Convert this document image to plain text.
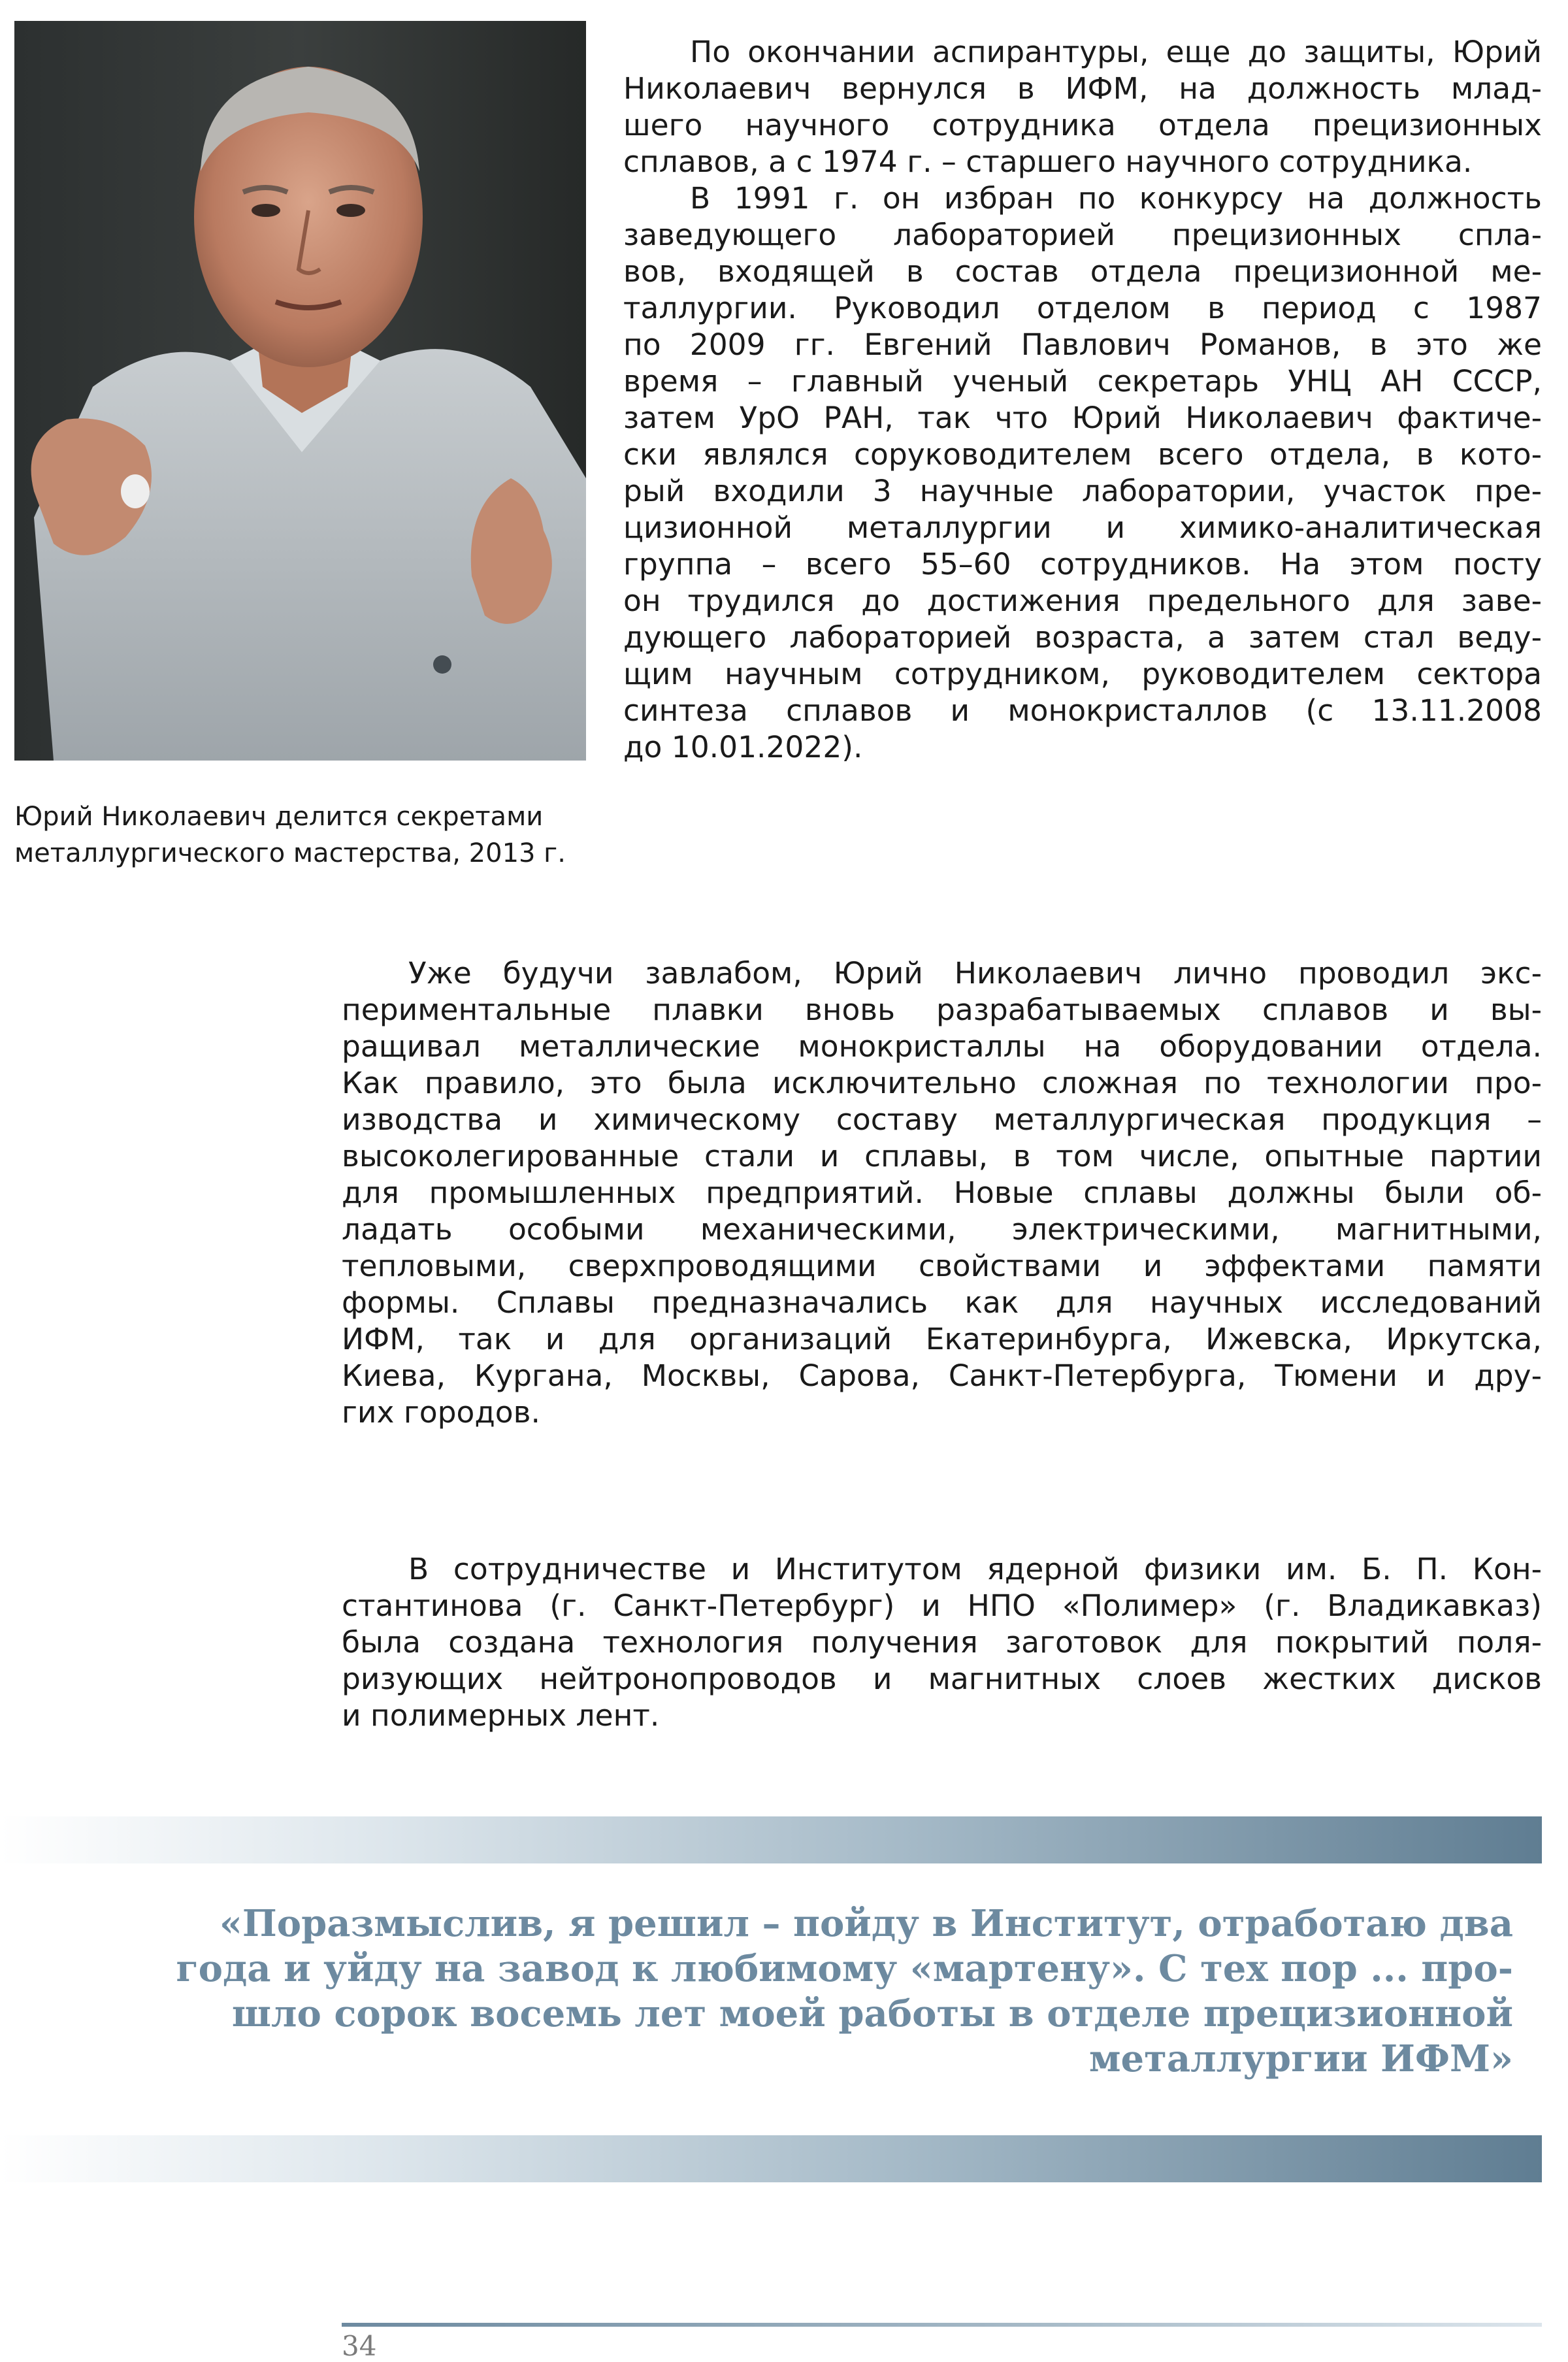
Юрий Николаевич делится секретами
металлургического мастерства, 2013 г.
По окончании аспирантуры, еще до защиты, Юрий
Николаевич вернулся в ИФМ, на должность млад-
шего научного сотрудника отдела прецизионных
сплавов, а с 1974 г. – старшего научного сотрудника.
В 1991 г. он избран по конкурсу на должность
заведующего лабораторией прецизионных спла-
вов, входящей в состав отдела прецизионной ме-
таллургии. Руководил отделом в период с 1987
по 2009 гг. Евгений Павлович Романов, в это же
время – главный ученый секретарь УНЦ АН СССР,
затем УрО РАН, так что Юрий Николаевич фактиче-
ски являлся соруководителем всего отдела, в кото-
рый входили 3 научные лаборатории, участок пре-
цизионной металлургии и химико-аналитическая
группа – всего 55–60 сотрудников. На этом посту
он трудился до достижения предельного для заве-
дующего лабораторией возраста, а затем стал веду-
щим научным сотрудником, руководителем сектора
синтеза сплавов и монокристаллов (с 13.11.2008
до 10.01.2022).
Уже будучи завлабом, Юрий Николаевич лично проводил экс-
периментальные плавки вновь разрабатываемых сплавов и вы-
ращивал металлические монокристаллы на оборудовании отдела.
Как правило, это была исключительно сложная по технологии про-
изводства и химическому составу металлургическая продукция –
высоколегированные стали и сплавы, в том числе, опытные партии
для промышленных предприятий. Новые сплавы должны были об-
ладать особыми механическими, электрическими, магнитными,
тепловыми, сверхпроводящими свойствами и эффектами памяти
формы. Сплавы предназначались как для научных исследований
ИФМ, так и для организаций Екатеринбурга, Ижевска, Иркутска,
Киева, Кургана, Москвы, Сарова, Санкт-Петербурга, Тюмени и дру-
гих городов.
В сотрудничестве и Институтом ядерной физики им. Б. П. Кон-
стантинова (г. Санкт-Петербург) и НПО «Полимер» (г. Владикавказ)
была создана технология получения заготовок для покрытий поля-
ризующих нейтронопроводов и магнитных слоев жестких дисков
и полимерных лент.
«Поразмыслив, я решил – пойду в Институт, отработаю два
года и уйду на завод к любимому «мартену». С тех пор ... про-
шло сорок восемь лет моей работы в отделе прецизионной
металлургии ИФМ»
34
